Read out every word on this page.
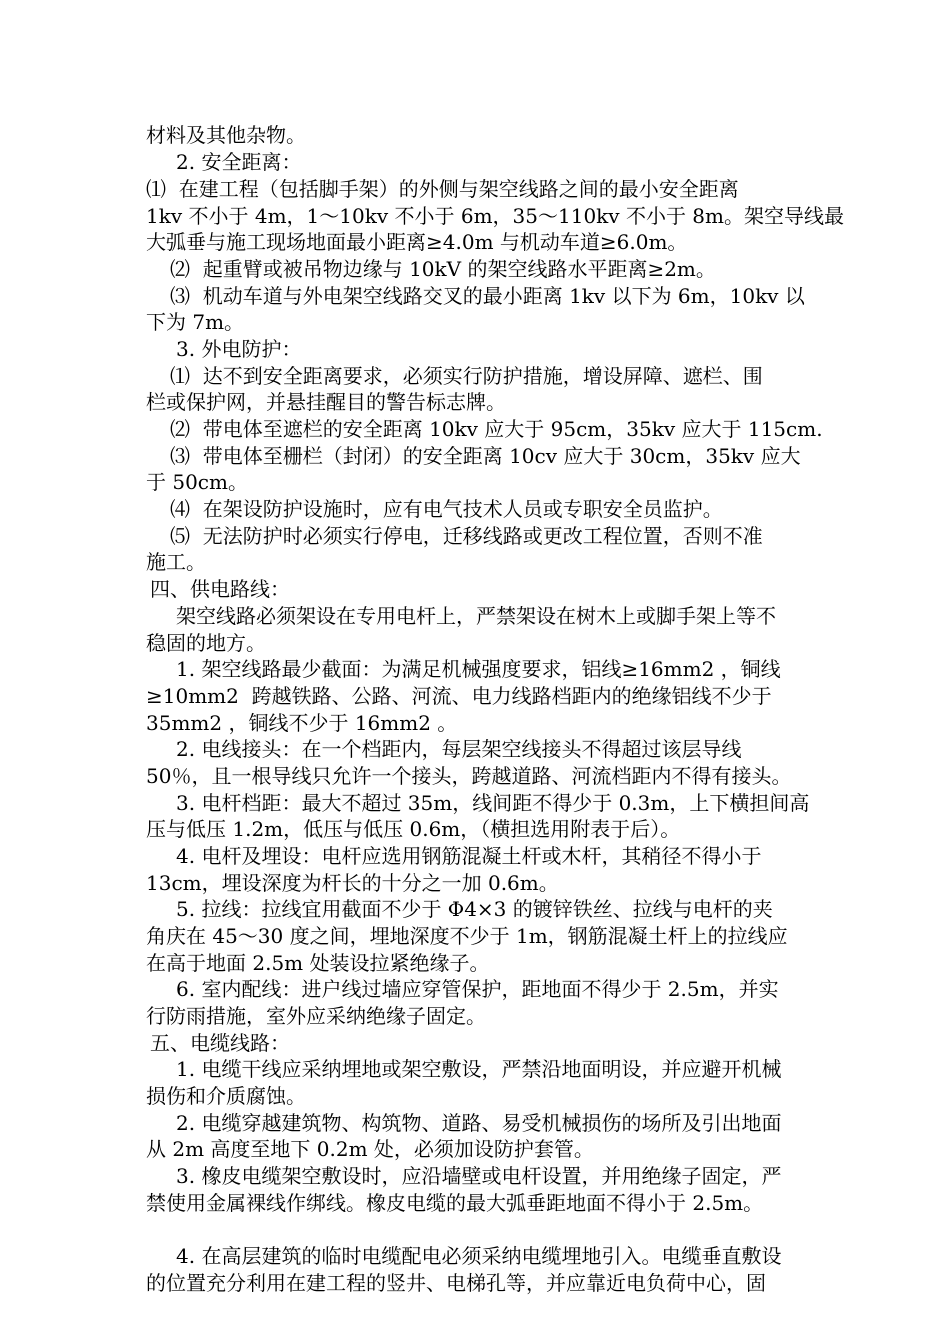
材料及其他杂物。
2. 安全距离：
⑴  在建工程（包括脚手架）的外侧与架空线路之间的最小安全距离
1kv 不小于 4m，1～10kv 不小于 6m，35～110kv 不小于 8m。架空导线最
大弧垂与施工现场地面最小距离≥4.0m 与机动车道≥6.0m。
⑵  起重臂或被吊物边缘与 10kV 的架空线路水平距离≥2m。
⑶  机动车道与外电架空线路交叉的最小距离 1kv 以下为 6m，10kv 以
下为 7m。
3. 外电防护：
⑴  达不到安全距离要求，必须实行防护措施，增设屏障、遮栏、围
栏或保护网，并悬挂醒目的警告标志牌。
⑵  带电体至遮栏的安全距离 10kv 应大于 95cm，35kv 应大于 115cm.
⑶  带电体至栅栏（封闭）的安全距离 10cv 应大于 30cm，35kv 应大
于 50cm。
⑷  在架设防护设施时，应有电气技术人员或专职安全员监护。
⑸  无法防护时必须实行停电，迁移线路或更改工程位置，否则不准
施工。
四、供电路线：
架空线路必须架设在专用电杆上，严禁架设在树木上或脚手架上等不
稳固的地方。
1. 架空线路最少截面：为满足机械强度要求，铝线≥16mm2 ，铜线
≥10mm2  跨越铁路、公路、河流、电力线路档距内的绝缘铝线不少于
35mm2 ，铜线不少于 16mm2 。
2. 电线接头：在一个档距内，每层架空线接头不得超过该层导线
50％，且一根导线只允许一个接头，跨越道路、河流档距内不得有接头。
3. 电杆档距：最大不超过 35m，线间距不得少于 0.3m，上下横担间高
压与低压 1.2m，低压与低压 0.6m，（横担选用附表于后）。
4. 电杆及埋设：电杆应选用钢筋混凝土杆或木杆，其稍径不得小于
13cm，埋设深度为杆长的十分之一加 0.6m。
5. 拉线：拉线宜用截面不少于 Φ4×3 的镀锌铁丝、拉线与电杆的夹
角庆在 45～30 度之间，埋地深度不少于 1m，钢筋混凝土杆上的拉线应
在高于地面 2.5m 处装设拉紧绝缘子。
6. 室内配线：进户线过墙应穿管保护，距地面不得少于 2.5m，并实
行防雨措施，室外应采纳绝缘子固定。
五、电缆线路：
1. 电缆干线应采纳埋地或架空敷设，严禁沿地面明设，并应避开机械
损伤和介质腐蚀。
2. 电缆穿越建筑物、构筑物、道路、易受机械损伤的场所及引出地面
从 2m 高度至地下 0.2m 处，必须加设防护套管。
3. 橡皮电缆架空敷设时，应沿墙壁或电杆设置，并用绝缘子固定，严
禁使用金属裸线作绑线。橡皮电缆的最大弧垂距地面不得小于 2.5m。
4. 在高层建筑的临时电缆配电必须采纳电缆埋地引入。电缆垂直敷设
的位置充分利用在建工程的竖井、电梯孔等，并应靠近电负荷中心，固
